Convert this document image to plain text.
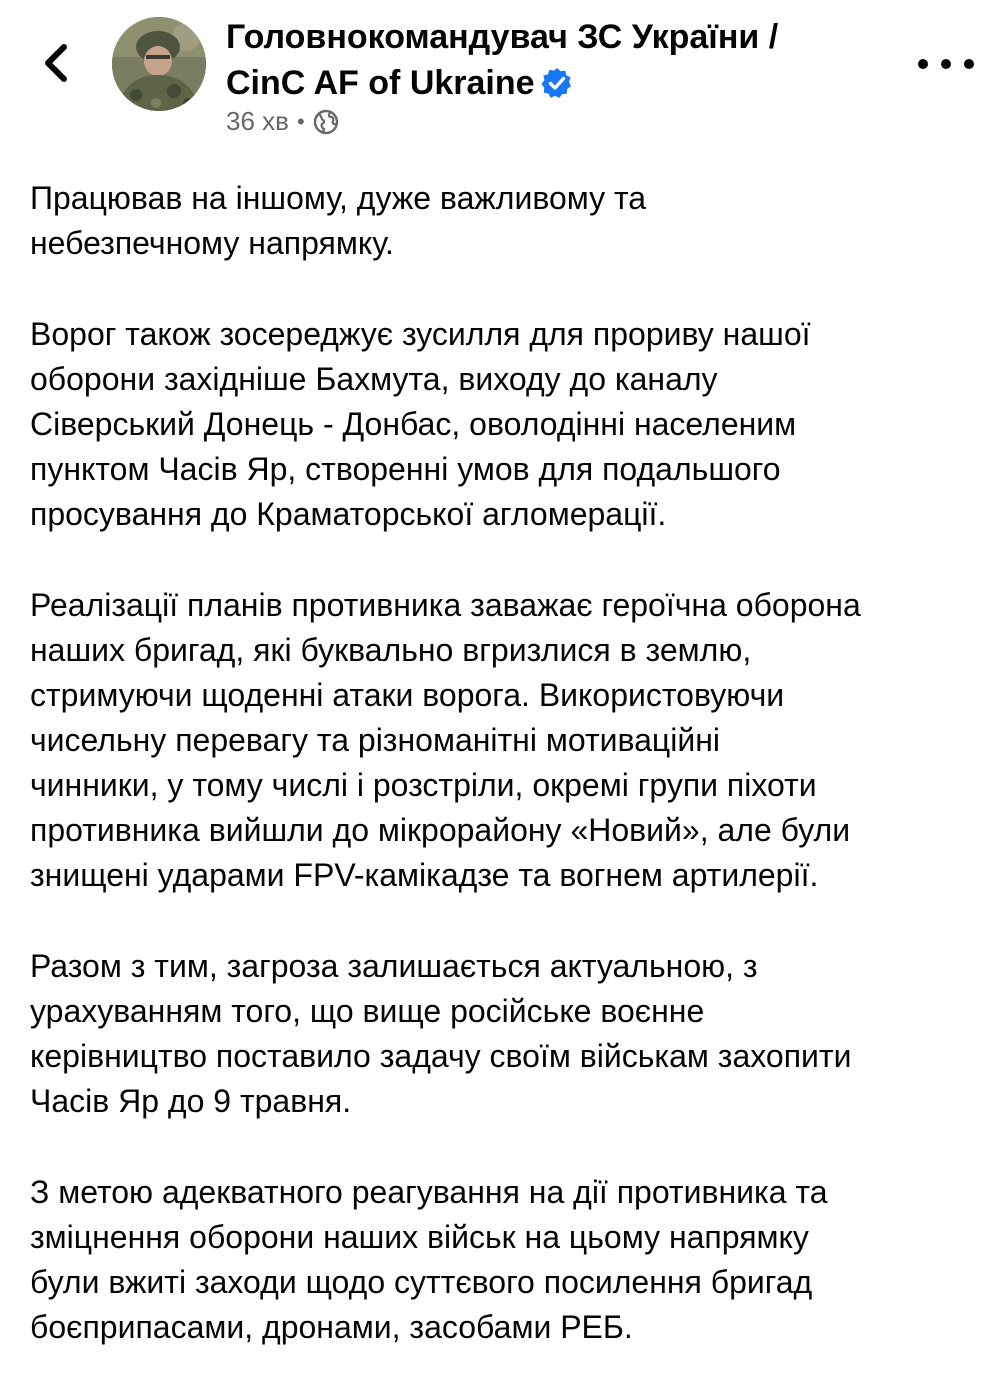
Головнокомандувач ЗС України /
CinC AF of Ukraine
36 хв •

Працював на іншому, дуже важливому та
небезпечному напрямку.

Ворог також зосереджує зусилля для прориву нашої
оборони західніше Бахмута, виходу до каналу
Сіверський Донець - Донбас, оволодінні населеним
пунктом Часів Яр, створенні умов для подальшого
просування до Краматорської агломерації.

Реалізації планів противника заважає героїчна оборона
наших бригад, які буквально вгризлися в землю,
стримуючи щоденні атаки ворога. Використовуючи
чисельну перевагу та різноманітні мотиваційні
чинники, у тому числі і розстріли, окремі групи піхоти
противника вийшли до мікрорайону «Новий», але були
знищені ударами FPV-камікадзе та вогнем артилерії.

Разом з тим, загроза залишається актуальною, з
урахуванням того, що вище російське воєнне
керівництво поставило задачу своїм військам захопити
Часів Яр до 9 травня.

З метою адекватного реагування на дії противника та
зміцнення оборони наших військ на цьому напрямку
були вжиті заходи щодо суттєвого посилення бригад
боєприпасами, дронами, засобами РЕБ.
